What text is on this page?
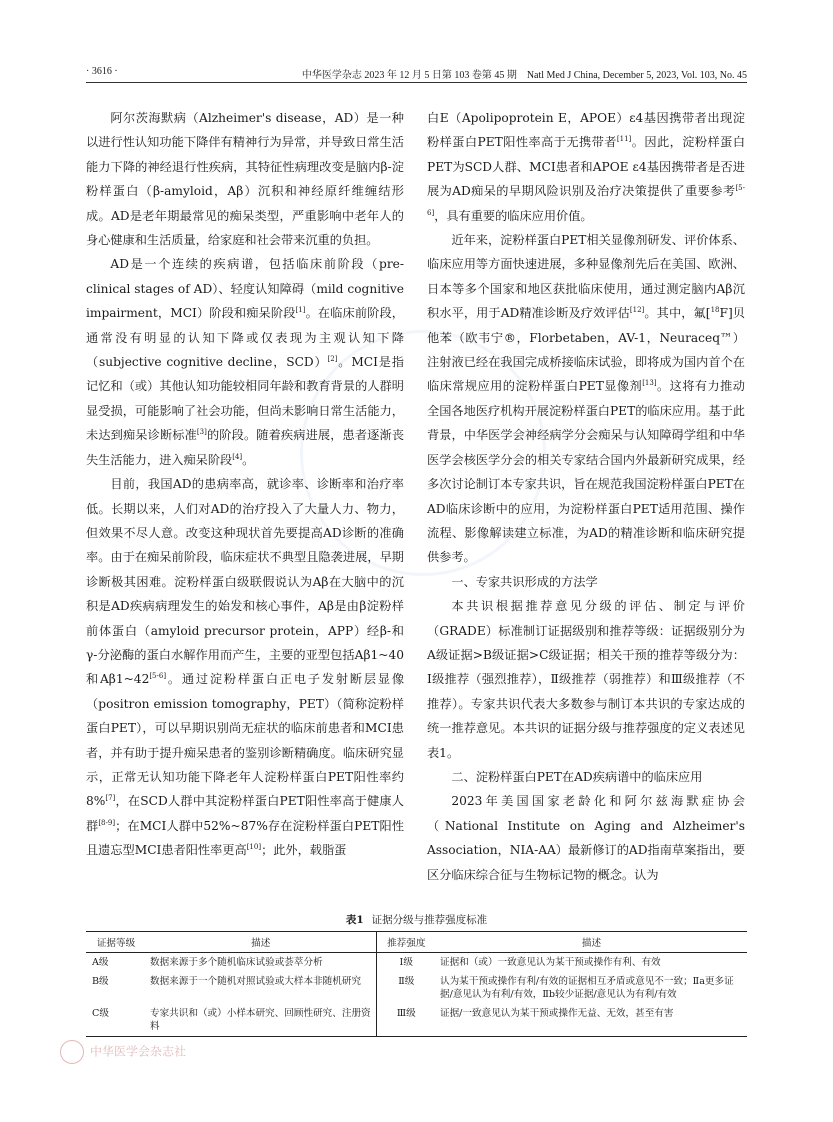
· 3616 ·	中华医学杂志 2023 年 12 月 5 日第 103 卷第 45 期　Natl Med J China, December 5, 2023, Vol. 103, No. 45

阿尔茨海默病（Alzheimer's disease，AD）是一种以进行性认知功能下降伴有精神行为异常，并导致日常生活能力下降的神经退行性疾病，其特征性病理改变是脑内β-淀粉样蛋白（β-amyloid，Aβ）沉积和神经原纤维缠结形成。AD是老年期最常见的痴呆类型，严重影响中老年人的身心健康和生活质量，给家庭和社会带来沉重的负担。

AD是一个连续的疾病谱，包括临床前阶段（pre-clinical stages of AD）、轻度认知障碍（mild cognitive impairment，MCI）阶段和痴呆阶段[1]。在临床前阶段，通常没有明显的认知下降或仅表现为主观认知下降（subjective cognitive decline，SCD）[2]。MCI是指记忆和（或）其他认知功能较相同年龄和教育背景的人群明显受损，可能影响了社会功能，但尚未影响日常生活能力，未达到痴呆诊断标准[3]的阶段。随着疾病进展，患者逐渐丧失生活能力，进入痴呆阶段[4]。

目前，我国AD的患病率高，就诊率、诊断率和治疗率低。长期以来，人们对AD的治疗投入了大量人力、物力，但效果不尽人意。改变这种现状首先要提高AD诊断的准确率。由于在痴呆前阶段，临床症状不典型且隐袭进展，早期诊断极其困难。淀粉样蛋白级联假说认为Aβ在大脑中的沉积是AD疾病病理发生的始发和核心事件，Aβ是由β淀粉样前体蛋白（amyloid precursor protein，APP）经β-和γ-分泌酶的蛋白水解作用而产生，主要的亚型包括Aβ1~40和Aβ1~42[5-6]。通过淀粉样蛋白正电子发射断层显像（positron emission tomography，PET）（简称淀粉样蛋白PET），可以早期识别尚无症状的临床前患者和MCI患者，并有助于提升痴呆患者的鉴别诊断精确度。临床研究显示，正常无认知功能下降老年人淀粉样蛋白PET阳性率约8%[7]，在SCD人群中其淀粉样蛋白PET阳性率高于健康人群[8-9]；在MCI人群中52%~87%存在淀粉样蛋白PET阳性且遗忘型MCI患者阳性率更高[10]；此外，载脂蛋

白E（Apolipoprotein E，APOE）ε4基因携带者出现淀粉样蛋白PET阳性率高于无携带者[11]。因此，淀粉样蛋白PET为SCD人群、MCI患者和APOE ε4基因携带者是否进展为AD痴呆的早期风险识别及治疗决策提供了重要参考[5-6]，具有重要的临床应用价值。

近年来，淀粉样蛋白PET相关显像剂研发、评价体系、临床应用等方面快速进展，多种显像剂先后在美国、欧洲、日本等多个国家和地区获批临床使用，通过测定脑内Aβ沉积水平，用于AD精准诊断及疗效评估[12]。其中，氟[$^{18}$F]贝他苯（欧韦宁®，Florbetaben，AV-1，Neuraceq™）注射液已经在我国完成桥接临床试验，即将成为国内首个在临床常规应用的淀粉样蛋白PET显像剂[13]。这将有力推动全国各地医疗机构开展淀粉样蛋白PET的临床应用。基于此背景，中华医学会神经病学分会痴呆与认知障碍学组和中华医学会核医学分会的相关专家结合国内外最新研究成果，经多次讨论制订本专家共识，旨在规范我国淀粉样蛋白PET在AD临床诊断中的应用，为淀粉样蛋白PET适用范围、操作流程、影像解读建立标准，为AD的精准诊断和临床研究提供参考。

一、专家共识形成的方法学

本共识根据推荐意见分级的评估、制定与评价（GRADE）标准制订证据级别和推荐等级：证据级别分为A级证据>B级证据>C级证据；相关干预的推荐等级分为：Ⅰ级推荐（强烈推荐），Ⅱ级推荐（弱推荐）和Ⅲ级推荐（不推荐）。专家共识代表大多数参与制订本共识的专家达成的统一推荐意见。本共识的证据分级与推荐强度的定义表述见表1。

二、淀粉样蛋白PET在AD疾病谱中的临床应用

2023年美国国家老龄化和阿尔兹海默症协会（National Institute on Aging and Alzheimer's Association，NIA-AA）最新修订的AD指南草案指出，要区分临床综合征与生物标记物的概念。认为

表1 证据分级与推荐强度标准
证据等级	描述	推荐强度	描述
A级	数据来源于多个随机临床试验或荟萃分析	Ⅰ级	证据和（或）一致意见认为某干预或操作有利、有效
B级	数据来源于一个随机对照试验或大样本非随机研究	Ⅱ级	认为某干预或操作有利/有效的证据相互矛盾或意见不一致；Ⅱa更多证据/意见认为有利/有效，Ⅱb较少证据/意见认为有利/有效
C级	专家共识和（或）小样本研究、回顾性研究、注册资料	Ⅲ级	证据/一致意见认为某干预或操作无益、无效，甚至有害
中华医学会杂志社
